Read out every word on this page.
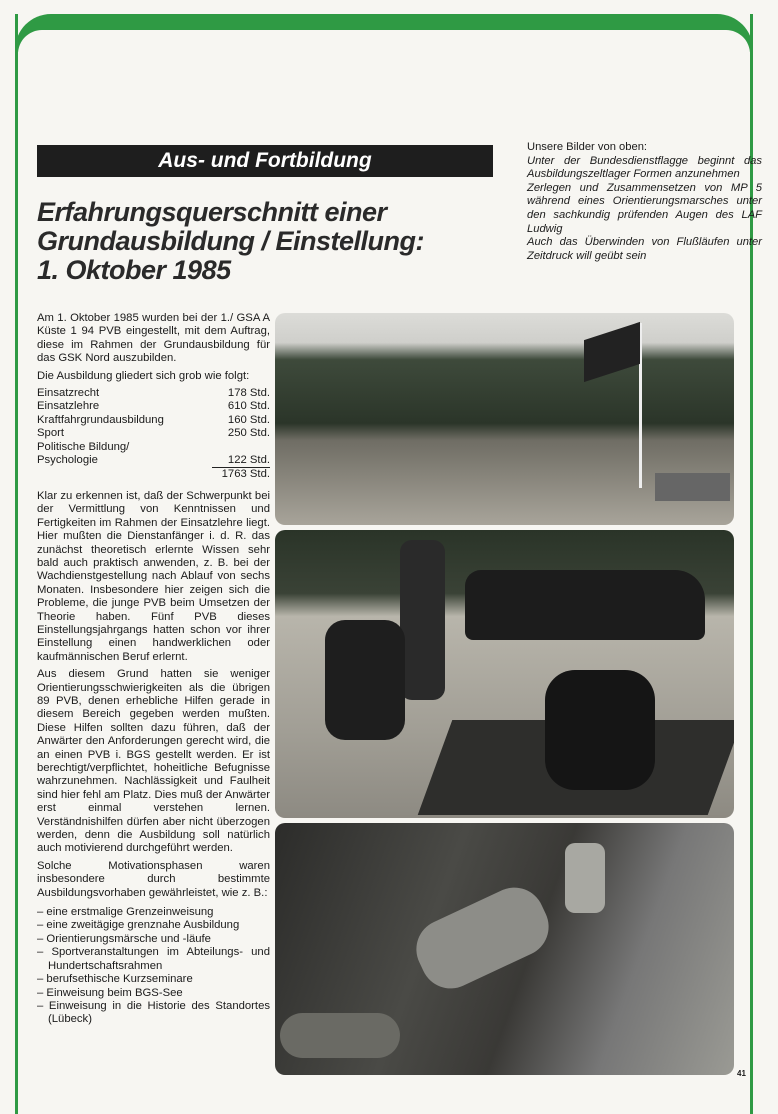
Aus- und Fortbildung
Erfahrungsquerschnitt einer
Grundausbildung / Einstellung:
1. Oktober 1985
Unsere Bilder von oben:
Unter der Bundesdienstflagge beginnt das Ausbildungszeltlager Formen anzunehmen
Zerlegen und Zusammensetzen von MP 5 während eines Orientierungsmarsches unter den sachkundig prüfenden Augen des LAF Ludwig
Auch das Überwinden von Flußläufen unter Zeitdruck will geübt sein

Am 1. Oktober 1985 wurden bei der 1./ GSA A Küste 1 94 PVB eingestellt, mit dem Auftrag, diese im Rahmen der Grundausbildung für das GSK Nord auszubilden.

Die Ausbildung gliedert sich grob wie folgt:

Einsatzrecht	178 Std.
Einsatzlehre	610 Std.
Kraftfahrgrundausbildung	160 Std.
Sport	250 Std.
Politische Bildung/
Psychologie	122 Std.
1763 Std.

Klar zu erkennen ist, daß der Schwerpunkt bei der Vermittlung von Kenntnissen und Fertigkeiten im Rahmen der Einsatzlehre liegt. Hier mußten die Dienstanfänger i. d. R. das zunächst theoretisch erlernte Wissen sehr bald auch praktisch anwenden, z. B. bei der Wachdienstgestellung nach Ablauf von sechs Monaten. Insbesondere hier zeigen sich die Probleme, die junge PVB beim Umsetzen der Theorie haben. Fünf PVB dieses Einstellungsjahrgangs hatten schon vor ihrer Einstellung einen handwerklichen oder kaufmännischen Beruf erlernt.

Aus diesem Grund hatten sie weniger Orientierungsschwierigkeiten als die übrigen 89 PVB, denen erhebliche Hilfen gerade in diesem Bereich gegeben werden mußten. Diese Hilfen sollten dazu führen, daß der Anwärter den Anforderungen gerecht wird, die an einen PVB i. BGS gestellt werden. Er ist berechtigt/verpflichtet, hoheitliche Befugnisse wahrzunehmen. Nachlässigkeit und Faulheit sind hier fehl am Platz. Dies muß der Anwärter erst einmal verstehen lernen. Verständnishilfen dürfen aber nicht überzogen werden, denn die Ausbildung soll natürlich auch motivierend durchgeführt werden.

Solche Motivationsphasen waren insbesondere durch bestimmte Ausbildungsvorhaben gewährleistet, wie z. B.:

– eine erstmalige Grenzeinweisung
– eine zweitägige grenznahe Ausbildung
– Orientierungsmärsche und -läufe
– Sportveranstaltungen im Abteilungs- und Hundertschaftsrahmen
– berufsethische Kurzseminare
– Einweisung beim BGS-See
– Einweisung in die Historie des Standortes (Lübeck)
41
